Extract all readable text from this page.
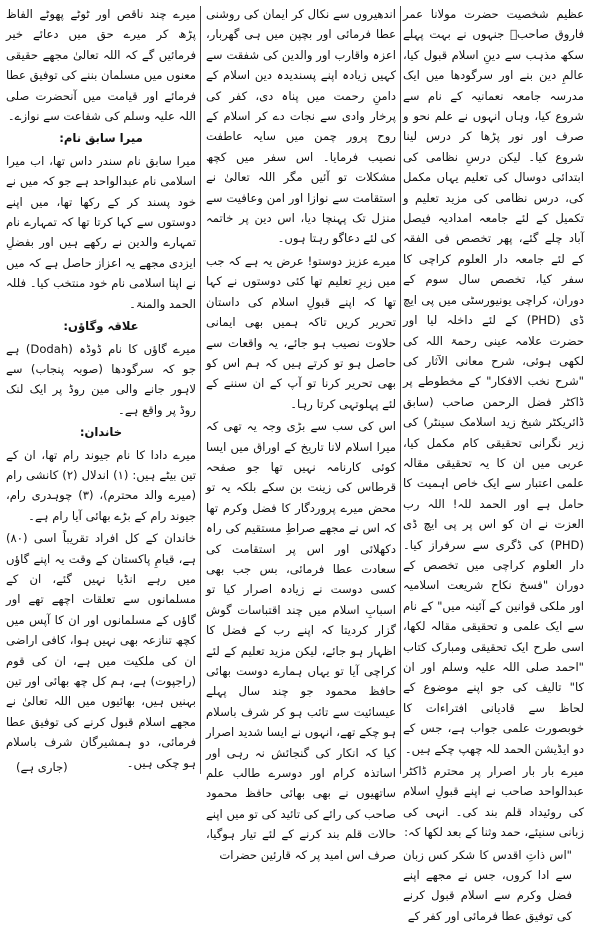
عظیم شخصیت حضرت مولانا عمر فاروق صاحبؒ جنہوں نے بہت پہلے سکھ مذہب سے دینِ اسلام قبول کیا، عالمِ دین بنے اور سرگودھا میں ایک مدرسہ جامعہ نعمانیہ کے نام سے شروع کیا، وہاں انہوں نے علم نحو و صرف اور نور پڑھا کر درس لینا شروع کیا۔ لیکن درسِ نظامی کی ابتدائی دوسال کی تعلیم یہاں مکمل کی، درس نظامی کی مزید تعلیم و تکمیل کے لئے جامعہ امدادیہ فیصل آباد چلے گئے، پھر تخصص فی الفقہ کے لئے جامعہ دار العلوم کراچی کا سفر کیا، تخصص سال سوم کے دوران، کراچی یونیورسٹی میں پی ایچ ڈی (PHD) کے لئے داخلہ لیا اور حضرت علامہ عینی رحمۃ اللہ کی لکھی ہوئی، شرح معانی الآثار کی "شرح نخب الافکار" کے مخطوطے پر ڈاکٹر فضل الرحمن صاحب (سابق ڈائریکٹر شیخ زید اسلامک سینٹر) کی زیر نگرانی تحقیقی کام مکمل کیا، عربی میں ان کا یہ تحقیقی مقالہ علمی اعتبار سے ایک خاص اہمیت کا حامل ہے اور الحمد للہ! اللہ رب العزت نے ان کو اس پر پی ایچ ڈی (PHD) کی ڈگری سے سرفراز کیا۔ دار العلوم کراچی میں تخصص کے دوران "فسخ نکاح شریعت اسلامیہ اور ملکی قوانین کے آئینہ میں" کے نام سے ایک علمی و تحقیقی مقالہ لکھا، اسی طرح ایک تحقیقی ومبارک کتاب "احمد صلی اللہ علیہ وسلم اور ان کا" تالیف کی جو اپنے موضوع کے لحاظ سے قادیانی افتراءات کا خوبصورت علمی جواب ہے، جس کے دو ایڈیشن الحمد للہ چھپ چکے ہیں۔

میرے بار بار اصرار پر محترم ڈاکٹر عبدالواحد صاحب نے اپنے قبولِ اسلام کی روئیداد قلم بند کی۔ انہی کی زبانی سنیئے، حمد وثنا کے بعد لکھا کہ:

"اس ذاتِ اقدس کا شکر کس زبان سے ادا کروں، جس نے مجھے اپنے فضل وکرم سے اسلام قبول کرنے کی توفیق عطا فرمائی اور کفر کے

اندھیروں سے نکال کر ایمان کی روشنی عطا فرمائی اور بچپن میں ہی گھربار، اعزہ واقارب اور والدین کی شفقت سے کہیں زیادہ اپنے پسندیدہ دین اسلام کے دامنِ رحمت میں پناہ دی، کفر کی پرخار وادی سے نجات دے کر اسلام کے روح پرور چمن میں سایہ عاطفت نصیب فرمایا۔ اس سفر میں کچھ مشکلات تو آئیں مگر اللہ تعالیٰ نے استقامت سے نوازا اور امن وعافیت سے منزل تک پہنچا دیا، اس دین پر خاتمہ کی لئے دعاگو رہتا ہوں۔

میرے عزیز دوستو! عرض یہ ہے کہ جب میں زیرِ تعلیم تھا کئی دوستوں نے کہا تھا کہ اپنے قبولِ اسلام کی داستان تحریر کریں تاکہ ہمیں بھی ایمانی حلاوت نصیب ہو جائے، یہ واقعات سے حاصل ہو تو کرتے ہیں کہ ہم اس کو بھی تحریر کرنا تو آپ کے ان سننے کے لئے پہلوتہی کرتا رہا۔

اس کی سب سے بڑی وجہ یہ تھی کہ میرا اسلام لانا تاریخ کے اوراق میں ایسا کوئی کارنامہ نہیں تھا جو صفحہ قرطاس کی زینت بن سکے بلکہ یہ تو محض میرے پروردگار کا فضل وکرم تھا کہ اس نے مجھے صراطِ مستقیم کی راہ دکھلائی اور اس پر استقامت کی سعادت عطا فرمائی، بس جب بھی کسی دوست نے زیادہ اصرار کیا تو اسبابِ اسلام میں چند اقتباسات گوش گزار کردیتا کہ اپنے رب کے فضل کا اظہار ہو جائے، لیکن مزید تعلیم کے لئے کراچی آیا تو یہاں ہمارے دوست بھائی حافظ محمود جو چند سال پہلے عیسائیت سے تائب ہو کر شرف باسلام ہو چکے تھے، انہوں نے ایسا شدید اصرار کیا کہ انکار کی گنجائش نہ رہی اور اساتذہ کرام اور دوسرے طالب علم ساتھیوں نے بھی بھائی حافظ محمود صاحب کی رائے کی تائید کی تو میں اپنے حالات قلم بند کرنے کے لئے تیار ہوگیا، صرف اس امید پر کہ قارئین حضرات

میرے چند ناقص اور ٹوٹے پھوٹے الفاظ پڑھ کر میرے حق میں دعائے خیر فرمائیں گے کہ اللہ تعالیٰ مجھے حقیقی معنوں میں مسلمان بننے کی توفیق عطا فرمائے اور قیامت میں آنحضرت صلی اللہ علیہ وسلم کی شفاعت سے نوازے۔

میرا سابق نام:

میرا سابق نام سندر داس تھا، اب میرا اسلامی نام عبدالواحد ہے جو کہ میں نے خود پسند کر کے رکھا تھا، میں اپنے دوستوں سے کہا کرتا تھا کہ تمہارے نام تمہارے والدین نے رکھے ہیں اور بفضلِ ایزدی مجھے یہ اعزاز حاصل ہے کہ میں نے اپنا اسلامی نام خود منتخب کیا۔ فللہ الحمد والمنۃ۔

علاقہ وگاؤں:

میرے گاؤں کا نام ڈوڈہ (Dodah) ہے جو کہ سرگودھا (صوبہ پنجاب) سے لاہور جانے والی مین روڈ پر ایک لنک روڈ پر واقع ہے۔

خاندان:

میرے دادا کا نام جیوند رام تھا، ان کے تین بیٹے ہیں: (۱) اندلال (۲) کانشی رام (میرے والد محترم)، (۳) چوہدری رام، جیوند رام کے بڑے بھائی آیا رام ہے۔

خاندان کے کل افراد تقریباً اسی (۸۰) ہے، قیامِ پاکستان کے وقت یہ اپنے گاؤں میں رہے انڈیا نہیں گئے، ان کے مسلمانوں سے تعلقات اچھے تھے اور گاؤں کے مسلمانوں اور ان کا آپس میں کچھ تنازعہ بھی نہیں ہوا، کافی اراضی ان کی ملکیت میں ہے، ان کی قوم (راجپوت) ہے، ہم کل چھ بھائی اور تین بہنیں ہیں، بھائیوں میں اللہ تعالیٰ نے مجھے اسلام قبول کرنے کی توفیق عطا فرمائی، دو ہمشیرگان شرف باسلام ہو چکی ہیں۔

(جاری ہے)
